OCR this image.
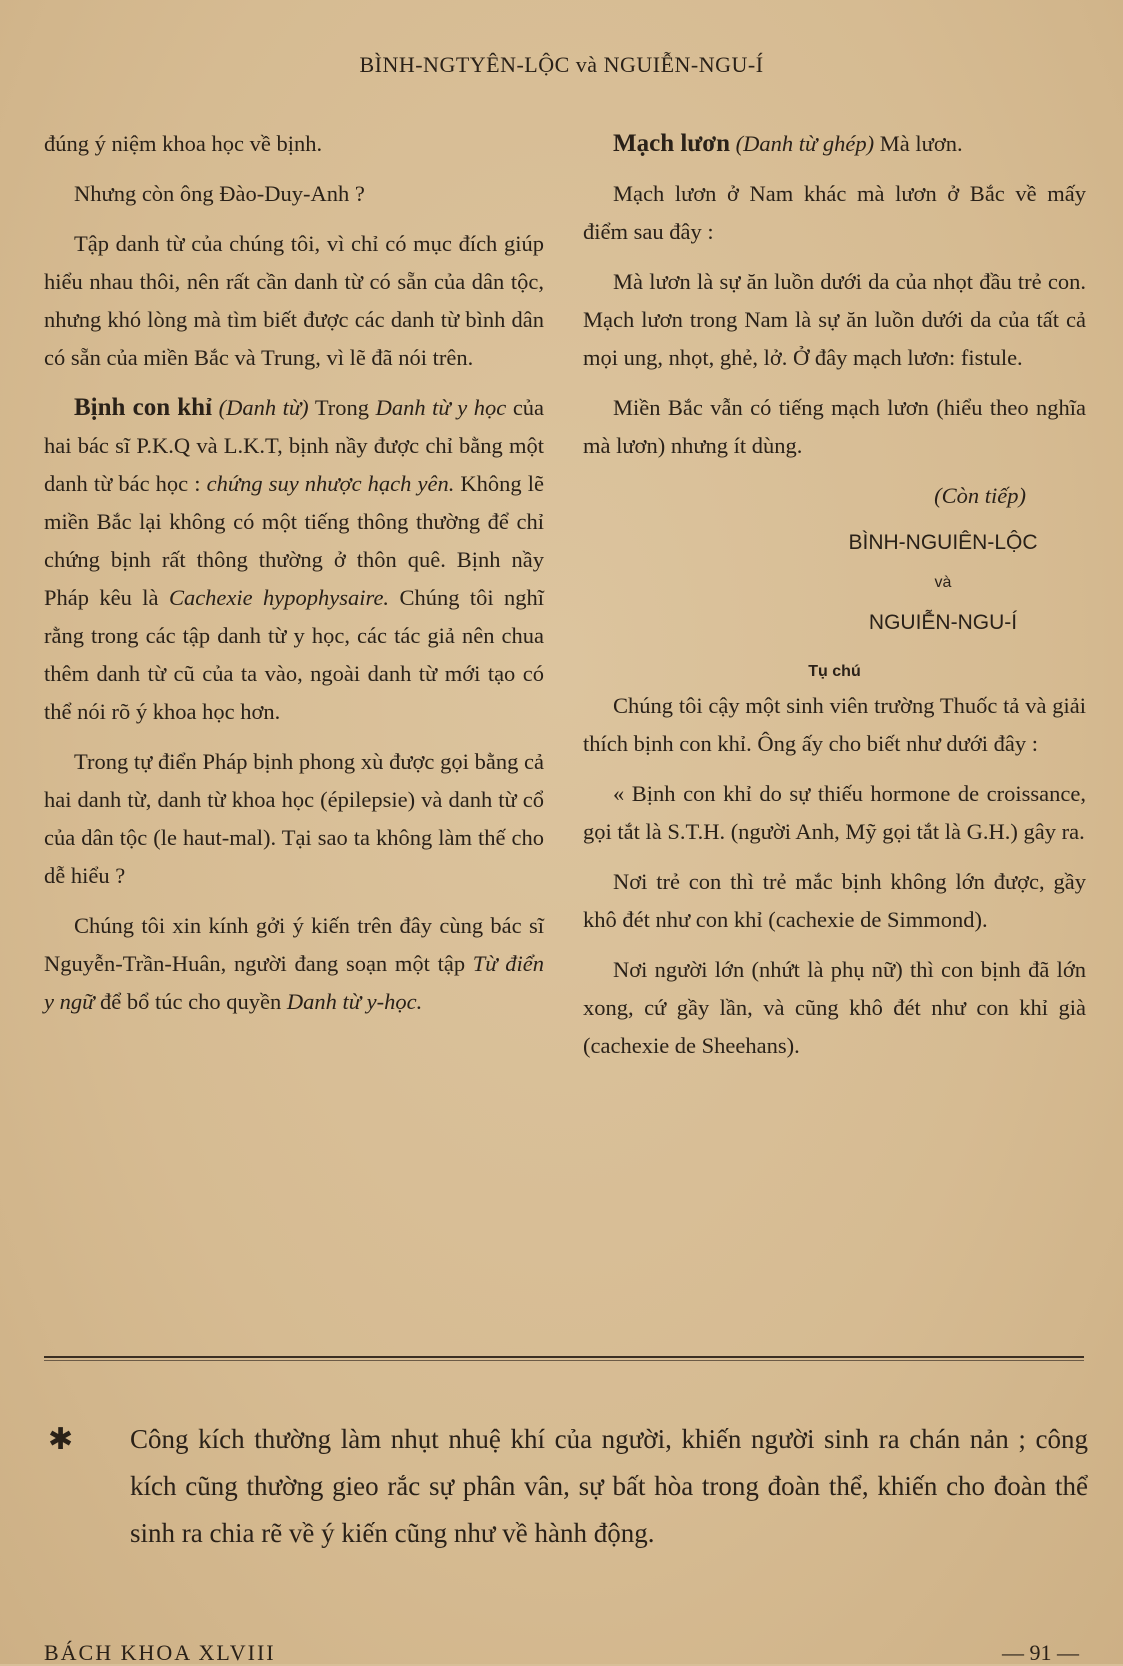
BÌNH-NGTYÊN-LỘC và NGUIỄN-NGU-Í

đúng ý niệm khoa học về bịnh.

Nhưng còn ông Đào-Duy-Anh ?

Tập danh từ của chúng tôi, vì chỉ có mục đích giúp hiểu nhau thôi, nên rất cần danh từ có sẵn của dân tộc, nhưng khó lòng mà tìm biết được các danh từ bình dân có sẵn của miền Bắc và Trung, vì lẽ đã nói trên.

Bịnh con khỉ (Danh từ) Trong Danh từ y học của hai bác sĩ P.K.Q và L.K.T, bịnh nầy được chỉ bằng một danh từ bác học : chứng suy nhược hạch yên. Không lẽ miền Bắc lại không có một tiếng thông thường để chỉ chứng bịnh rất thông thường ở thôn quê. Bịnh nầy Pháp kêu là Cachexie hypophysaire. Chúng tôi nghĩ rằng trong các tập danh từ y học, các tác giả nên chua thêm danh từ cũ của ta vào, ngoài danh từ mới tạo có thể nói rõ ý khoa học hơn.

Trong tự điển Pháp bịnh phong xù được gọi bằng cả hai danh từ, danh từ khoa học (épilepsie) và danh từ cổ của dân tộc (le haut-mal). Tại sao ta không làm thế cho dễ hiểu ?

Chúng tôi xin kính gởi ý kiến trên đây cùng bác sĩ Nguyễn-Trần-Huân, người đang soạn một tập Từ điển y ngữ để bổ túc cho quyền Danh từ y-học.

Mạch lươn (Danh từ ghép) Mà lươn.

Mạch lươn ở Nam khác mà lươn ở Bắc về mấy điểm sau đây :

Mà lươn là sự ăn luồn dưới da của nhọt đầu trẻ con. Mạch lươn trong Nam là sự ăn luồn dưới da của tất cả mọi ung, nhọt, ghẻ, lở. Ở đây mạch lươn: fistule.

Miền Bắc vẫn có tiếng mạch lươn (hiểu theo nghĩa mà lươn) nhưng ít dùng.

(Còn tiếp)
BÌNH-NGUIÊN-LỘC
và
NGUIỄN-NGU-Í
Tụ chú

Chúng tôi cậy một sinh viên trường Thuốc tả và giải thích bịnh con khỉ. Ông ấy cho biết như dưới đây :

« Bịnh con khỉ do sự thiếu hormone de croissance, gọi tắt là S.T.H. (người Anh, Mỹ gọi tắt là G.H.) gây ra.

Nơi trẻ con thì trẻ mắc bịnh không lớn được, gầy khô đét như con khỉ (cachexie de Simmond).

Nơi người lớn (nhứt là phụ nữ) thì con bịnh đã lớn xong, cứ gầy lần, và cũng khô đét như con khỉ già (cachexie de Sheehans).

✱ Công kích thường làm nhụt nhuệ khí của người, khiến người sinh ra chán nản ; công kích cũng thường gieo rắc sự phân vân, sự bất hòa trong đoàn thể, khiến cho đoàn thể sinh ra chia rẽ về ý kiến cũng như về hành động.
BÁCH KHOA XLVIII	— 91 —
